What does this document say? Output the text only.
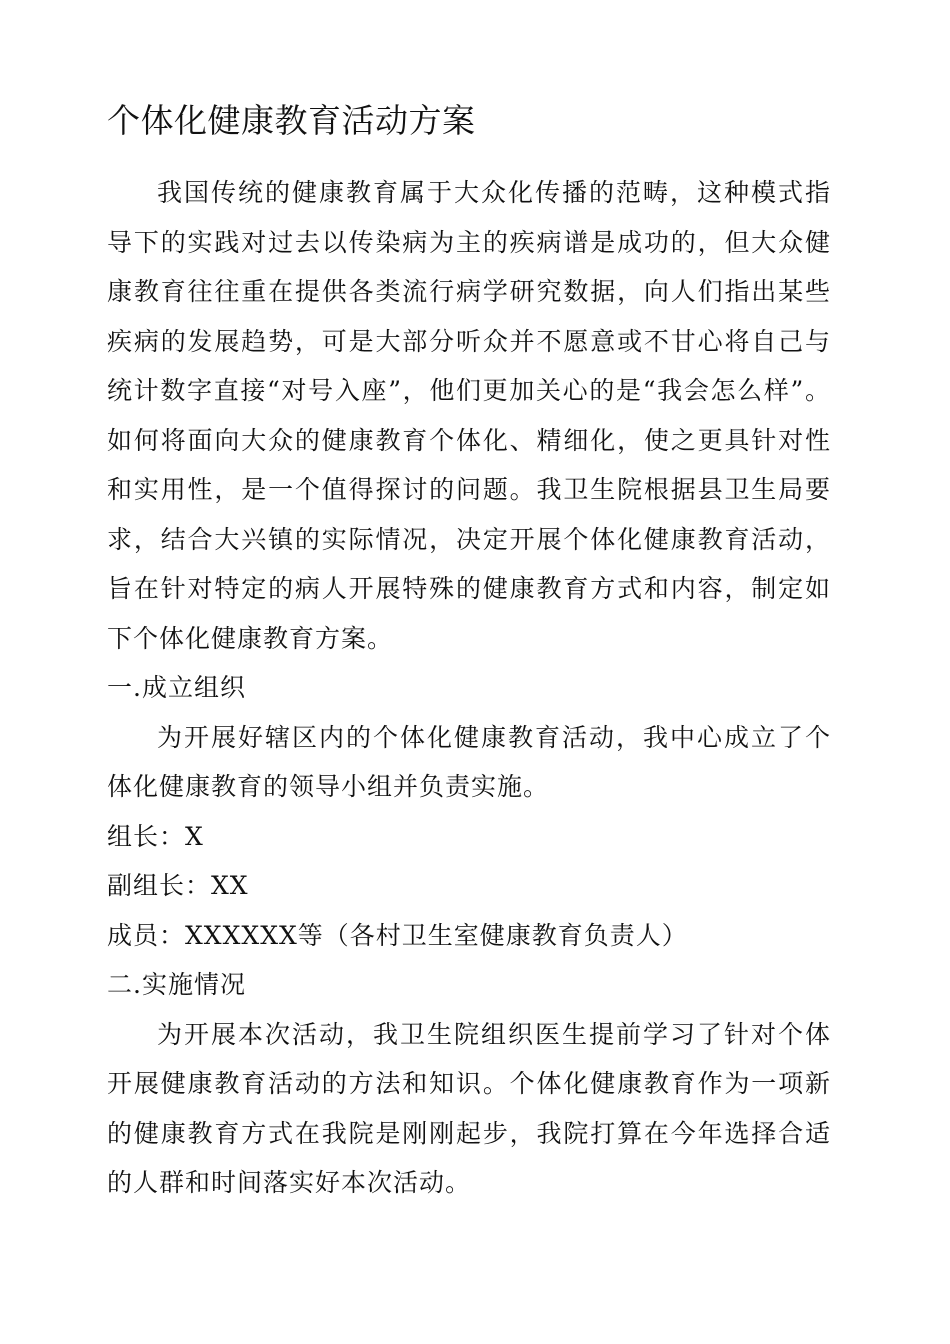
个体化健康教育活动方案

我国传统的健康教育属于大众化传播的范畴，这种模式指导下的实践对过去以传染病为主的疾病谱是成功的，但大众健康教育往往重在提供各类流行病学研究数据，向人们指出某些疾病的发展趋势，可是大部分听众并不愿意或不甘心将自己与统计数字直接“对号入座”，他们更加关心的是“我会怎么样”。如何将面向大众的健康教育个体化、精细化，使之更具针对性和实用性，是一个值得探讨的问题。我卫生院根据县卫生局要求，结合大兴镇的实际情况，决定开展个体化健康教育活动，旨在针对特定的病人开展特殊的健康教育方式和内容，制定如下个体化健康教育方案。

一.成立组织

为开展好辖区内的个体化健康教育活动，我中心成立了个体化健康教育的领导小组并负责实施。

组长：X

副组长：XX

成员：XXXXXX等（各村卫生室健康教育负责人）

二.实施情况

为开展本次活动，我卫生院组织医生提前学习了针对个体开展健康教育活动的方法和知识。个体化健康教育作为一项新的健康教育方式在我院是刚刚起步，我院打算在今年选择合适的人群和时间落实好本次活动。
